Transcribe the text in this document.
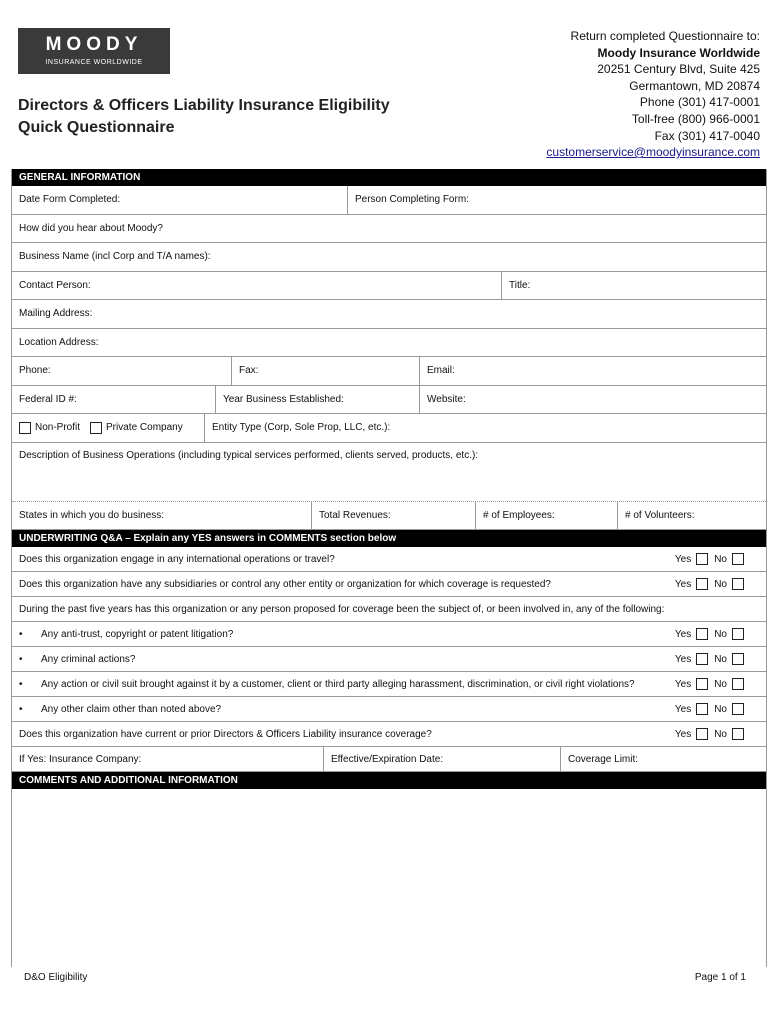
MOODY
INSURANCE WORLDWIDE
Directors & Officers Liability Insurance Eligibility
Quick Questionnaire
Return completed Questionnaire to:
Moody Insurance Worldwide
20251 Century Blvd, Suite 425
Germantown, MD 20874
Phone (301) 417-0001
Toll-free (800) 966-0001
Fax (301) 417-0040
customerservice@moodyinsurance.com
GENERAL INFORMATION
Date Form Completed:	Person Completing Form:
How did you hear about Moody?
Business Name (incl Corp and T/A names):
Contact Person:	Title:
Mailing Address:
Location Address:
Phone:	Fax:	Email:
Federal ID #:	Year Business Established:	Website:
Non-Profit	Private Company	Entity Type (Corp, Sole Prop, LLC, etc.):
Description of Business Operations (including typical services performed, clients served, products, etc.):
States in which you do business:	Total Revenues:	# of Employees:	# of Volunteers:
UNDERWRITING Q&A – Explain any YES answers in COMMENTS section below
Does this organization engage in any international operations or travel?	Yes No
Does this organization have any subsidiaries or control any other entity or organization for which coverage is requested?	Yes No
During the past five years has this organization or any person proposed for coverage been the subject of, or been involved in, any of the following:
• Any anti-trust, copyright or patent litigation?	Yes No
• Any criminal actions?	Yes No
• Any action or civil suit brought against it by a customer, client or third party alleging harassment, discrimination, or civil right violations?	Yes No
• Any other claim other than noted above?	Yes No
Does this organization have current or prior Directors & Officers Liability insurance coverage?	Yes No
If Yes: Insurance Company:	Effective/Expiration Date:	Coverage Limit:
COMMENTS AND ADDITIONAL INFORMATION
D&O Eligibility	Page 1 of 1
